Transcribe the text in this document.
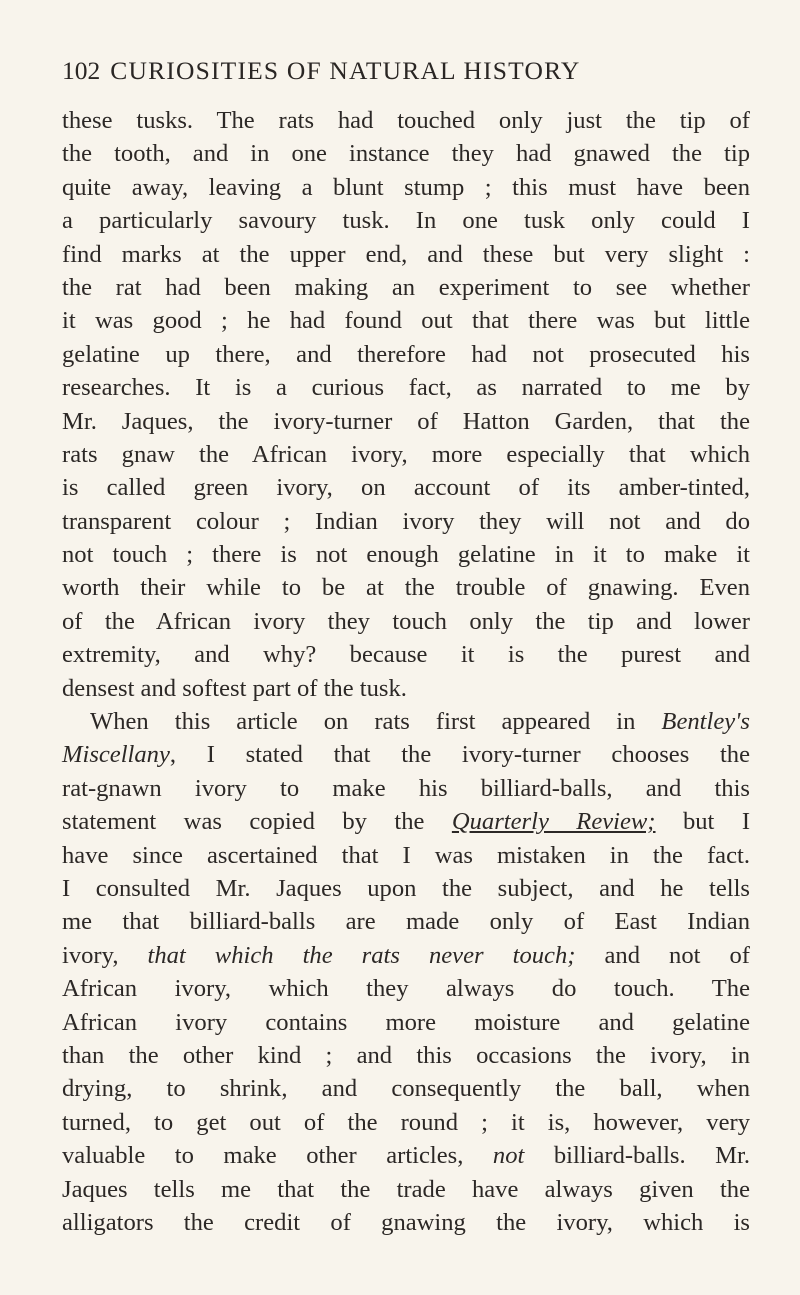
102 CURIOSITIES OF NATURAL HISTORY
these tusks. The rats had touched only just the tip of
the tooth, and in one instance they had gnawed the tip
quite away, leaving a blunt stump ; this must have been
a particularly savoury tusk. In one tusk only could I
find marks at the upper end, and these but very slight :
the rat had been making an experiment to see whether
it was good ; he had found out that there was but little
gelatine up there, and therefore had not prosecuted his
researches. It is a curious fact, as narrated to me by
Mr. Jaques, the ivory-turner of Hatton Garden, that the
rats gnaw the African ivory, more especially that which
is called green ivory, on account of its amber-tinted,
transparent colour ; Indian ivory they will not and do
not touch ; there is not enough gelatine in it to make it
worth their while to be at the trouble of gnawing. Even
of the African ivory they touch only the tip and lower
extremity, and why? because it is the purest and
densest and softest part of the tusk.
When this article on rats first appeared in Bentley's
Miscellany, I stated that the ivory-turner chooses the
rat-gnawn ivory to make his billiard-balls, and this
statement was copied by the Quarterly Review; but I
have since ascertained that I was mistaken in the fact.
I consulted Mr. Jaques upon the subject, and he tells
me that billiard-balls are made only of East Indian
ivory, that which the rats never touch; and not of
African ivory, which they always do touch. The
African ivory contains more moisture and gelatine
than the other kind ; and this occasions the ivory, in
drying, to shrink, and consequently the ball, when
turned, to get out of the round ; it is, however, very
valuable to make other articles, not billiard-balls. Mr.
Jaques tells me that the trade have always given the
alligators the credit of gnawing the ivory, which is
